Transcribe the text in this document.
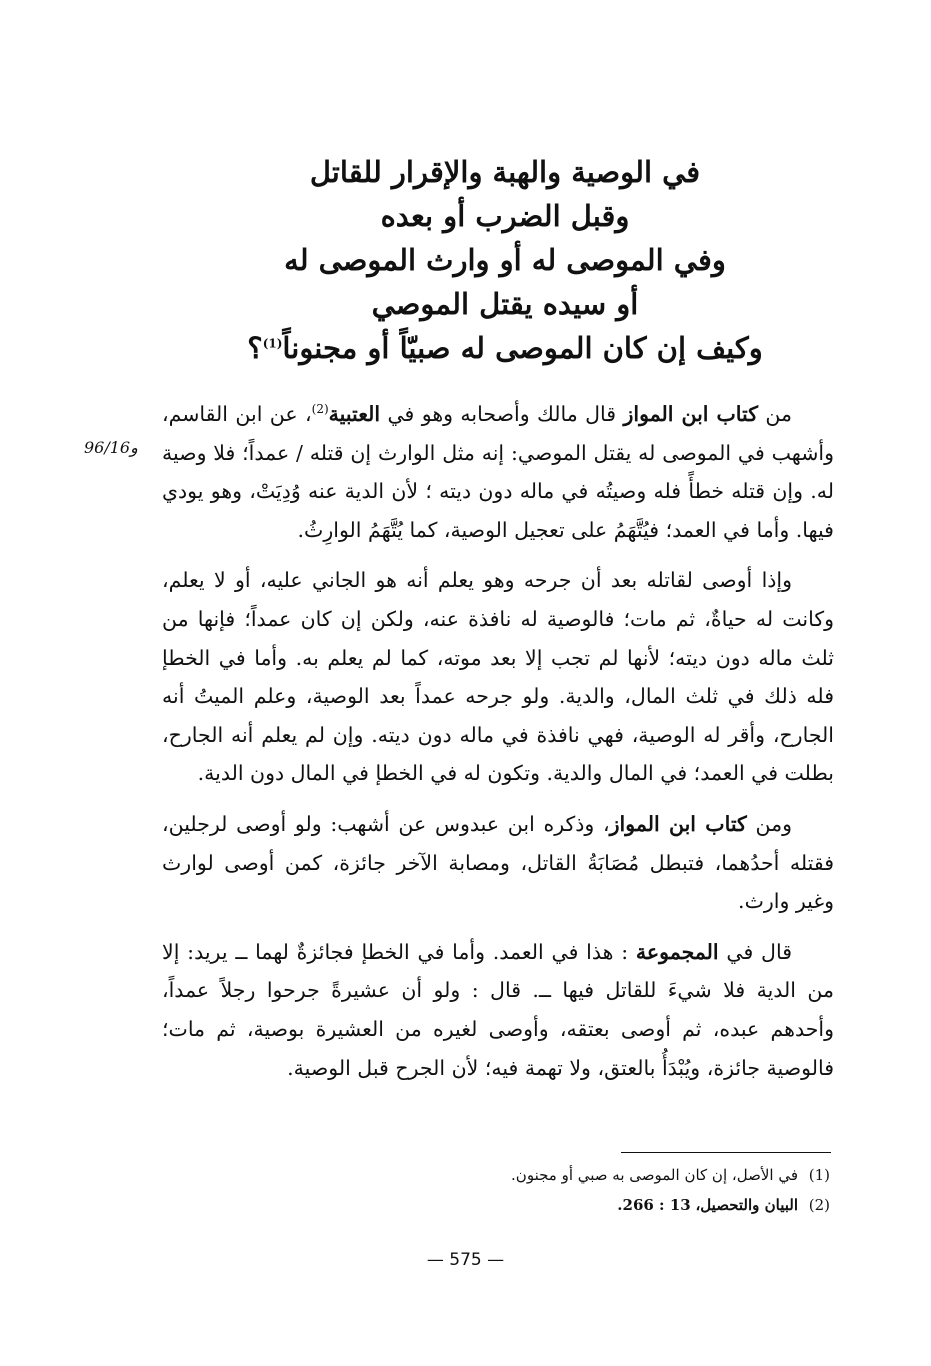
في الوصية والهبة والإقرار للقاتل
وقبل الضرب أو بعده
وفي الموصى له أو وارث الموصى له
أو سيده يقتل الموصي
وكيف إن كان الموصى له صبيّاً أو مجنوناً$^{(1)}$؟
96/16و

من كتاب ابن المواز قال مالك وأصحابه وهو في العتبية$^{(2)}$، عن ابن القاسم، وأشهب في الموصى له يقتل الموصي: إنه مثل الوارث إن قتله / عمداً؛ فلا وصية له. وإن قتله خطأً فله وصيتُه في ماله دون ديته ؛ لأن الدية عنه وُدِيَتْ، وهو يودي فيها. وأما في العمد؛ فيُتَّهَمُ على تعجيل الوصية، كما يُتَّهَمُ الوارِثُ.

وإذا أوصى لقاتله بعد أن جرحه وهو يعلم أنه هو الجاني عليه، أو لا يعلم، وكانت له حياةٌ، ثم مات؛ فالوصية له نافذة عنه، ولكن إن كان عمداً؛ فإنها من ثلث ماله دون ديته؛ لأنها لم تجب إلا بعد موته، كما لم يعلم به. وأما في الخطإ فله ذلك في ثلث المال، والدية. ولو جرحه عمداً بعد الوصية، وعلم الميتُ أنه الجارح، وأقر له الوصية، فهي نافذة في ماله دون ديته. وإن لم يعلم أنه الجارح، بطلت في العمد؛ في المال والدية. وتكون له في الخطإ في المال دون الدية.

ومن كتاب ابن المواز، وذكره ابن عبدوس عن أشهب: ولو أوصى لرجلين، فقتله أحدُهما، فتبطل مُصَابَةُ القاتل، ومصابة الآخر جائزة، كمن أوصى لوارث وغير وارث.

قال في المجموعة : هذا في العمد. وأما في الخطإ فجائزةٌ لهما ــ يريد: إلا من الدية فلا شيءَ للقاتل فيها ــ. قال : ولو أن عشيرةً جرحوا رجلاً عمداً، وأحدهم عبده، ثم أوصى بعتقه، وأوصى لغيره من العشيرة بوصية، ثم مات؛ فالوصية جائزة، ويُبْدَأُ بالعتق، ولا تهمة فيه؛ لأن الجرح قبل الوصية.

(1)في الأصل، إن كان الموصى به صبي أو مجنون.
(2)البيان والتحصيل، 13 : 266.
— 575 —
